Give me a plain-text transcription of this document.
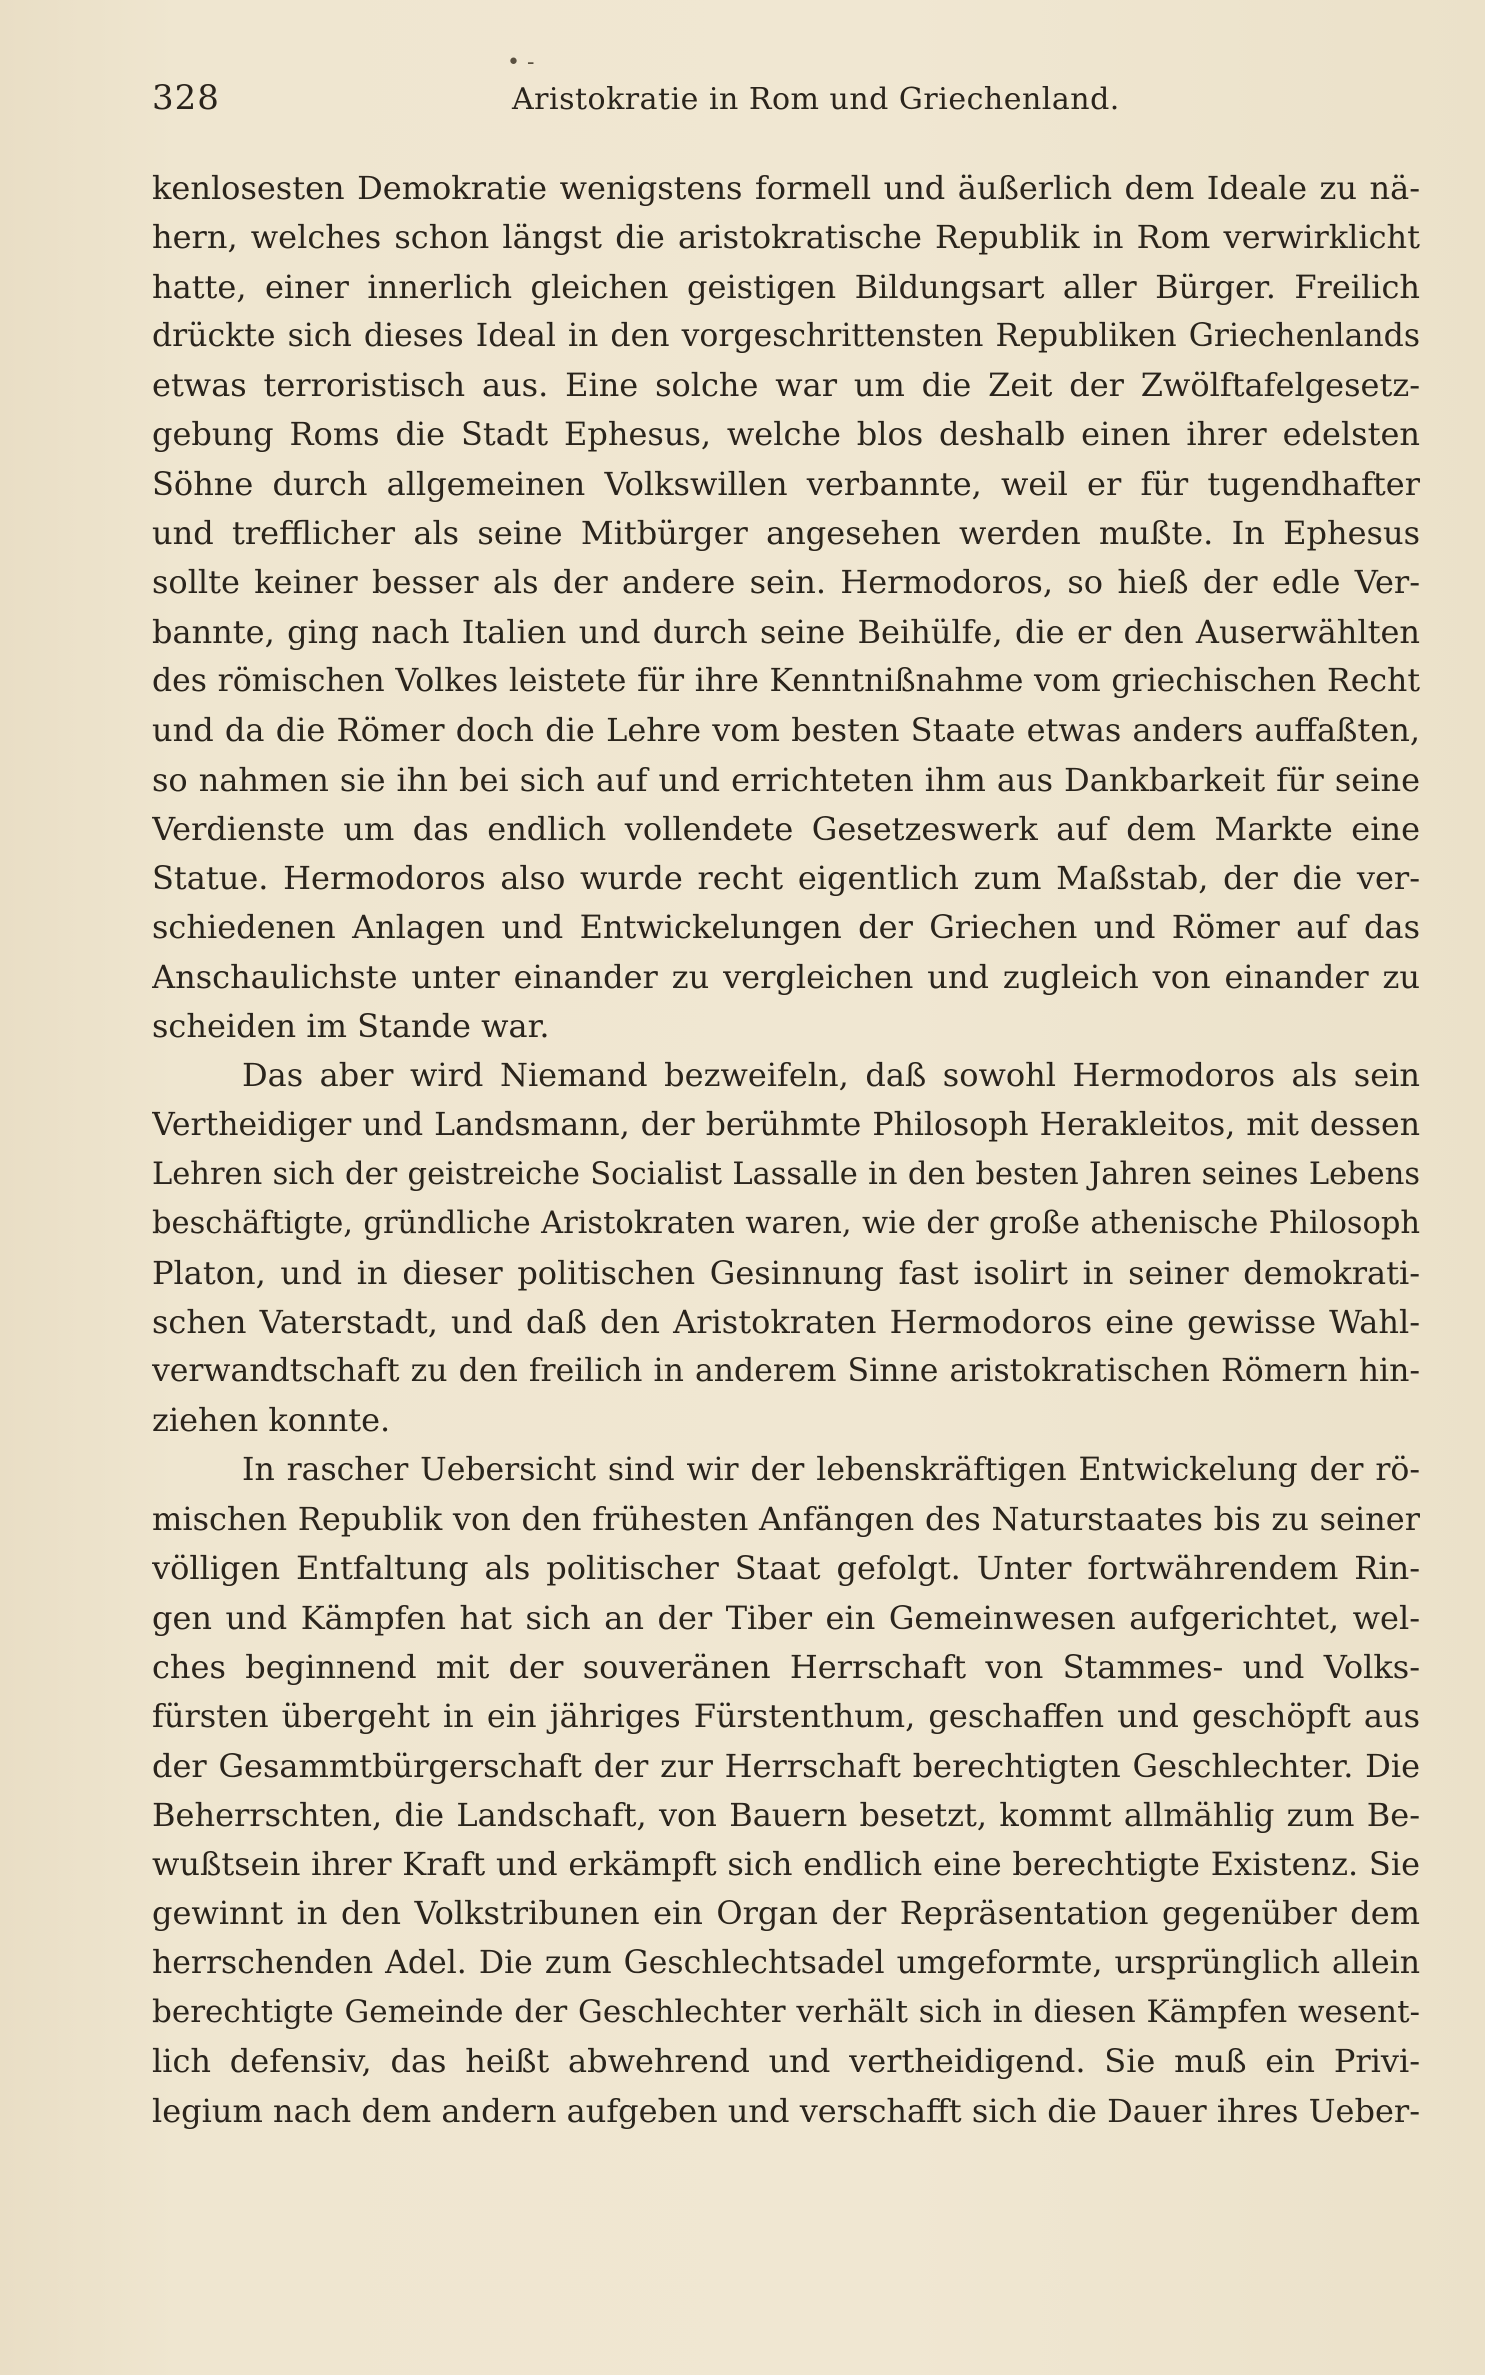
• -
328	Aristokratie in Rom und Griechenland.
kenlosesten Demokratie wenigstens formell und äußerlich dem Ideale zu nä-
hern, welches schon längst die aristokratische Republik in Rom verwirklicht
hatte, einer innerlich gleichen geistigen Bildungsart aller Bürger. Freilich
drückte sich dieses Ideal in den vorgeschrittensten Republiken Griechenlands
etwas terroristisch aus. Eine solche war um die Zeit der Zwölftafelgesetz-
gebung Roms die Stadt Ephesus, welche blos deshalb einen ihrer edelsten
Söhne durch allgemeinen Volkswillen verbannte, weil er für tugendhafter
und trefflicher als seine Mitbürger angesehen werden mußte. In Ephesus
sollte keiner besser als der andere sein. Hermodoros, so hieß der edle Ver-
bannte, ging nach Italien und durch seine Beihülfe, die er den Auserwählten
des römischen Volkes leistete für ihre Kenntnißnahme vom griechischen Recht
und da die Römer doch die Lehre vom besten Staate etwas anders auffaßten,
so nahmen sie ihn bei sich auf und errichteten ihm aus Dankbarkeit für seine
Verdienste um das endlich vollendete Gesetzeswerk auf dem Markte eine
Statue. Hermodoros also wurde recht eigentlich zum Maßstab, der die ver-
schiedenen Anlagen und Entwickelungen der Griechen und Römer auf das
Anschaulichste unter einander zu vergleichen und zugleich von einander zu
scheiden im Stande war.
Das aber wird Niemand bezweifeln, daß sowohl Hermodoros als sein
Vertheidiger und Landsmann, der berühmte Philosoph Herakleitos, mit dessen
Lehren sich der geistreiche Socialist Lassalle in den besten Jahren seines Lebens
beschäftigte, gründliche Aristokraten waren, wie der große athenische Philosoph
Platon, und in dieser politischen Gesinnung fast isolirt in seiner demokrati-
schen Vaterstadt, und daß den Aristokraten Hermodoros eine gewisse Wahl-
verwandtschaft zu den freilich in anderem Sinne aristokratischen Römern hin-
ziehen konnte.
In rascher Uebersicht sind wir der lebenskräftigen Entwickelung der rö-
mischen Republik von den frühesten Anfängen des Naturstaates bis zu seiner
völligen Entfaltung als politischer Staat gefolgt. Unter fortwährendem Rin-
gen und Kämpfen hat sich an der Tiber ein Gemeinwesen aufgerichtet, wel-
ches beginnend mit der souveränen Herrschaft von Stammes- und Volks-
fürsten übergeht in ein jähriges Fürstenthum, geschaffen und geschöpft aus
der Gesammtbürgerschaft der zur Herrschaft berechtigten Geschlechter. Die
Beherrschten, die Landschaft, von Bauern besetzt, kommt allmählig zum Be-
wußtsein ihrer Kraft und erkämpft sich endlich eine berechtigte Existenz. Sie
gewinnt in den Volkstribunen ein Organ der Repräsentation gegenüber dem
herrschenden Adel. Die zum Geschlechtsadel umgeformte, ursprünglich allein
berechtigte Gemeinde der Geschlechter verhält sich in diesen Kämpfen wesent-
lich defensiv, das heißt abwehrend und vertheidigend. Sie muß ein Privi-
legium nach dem andern aufgeben und verschafft sich die Dauer ihres Ueber-
